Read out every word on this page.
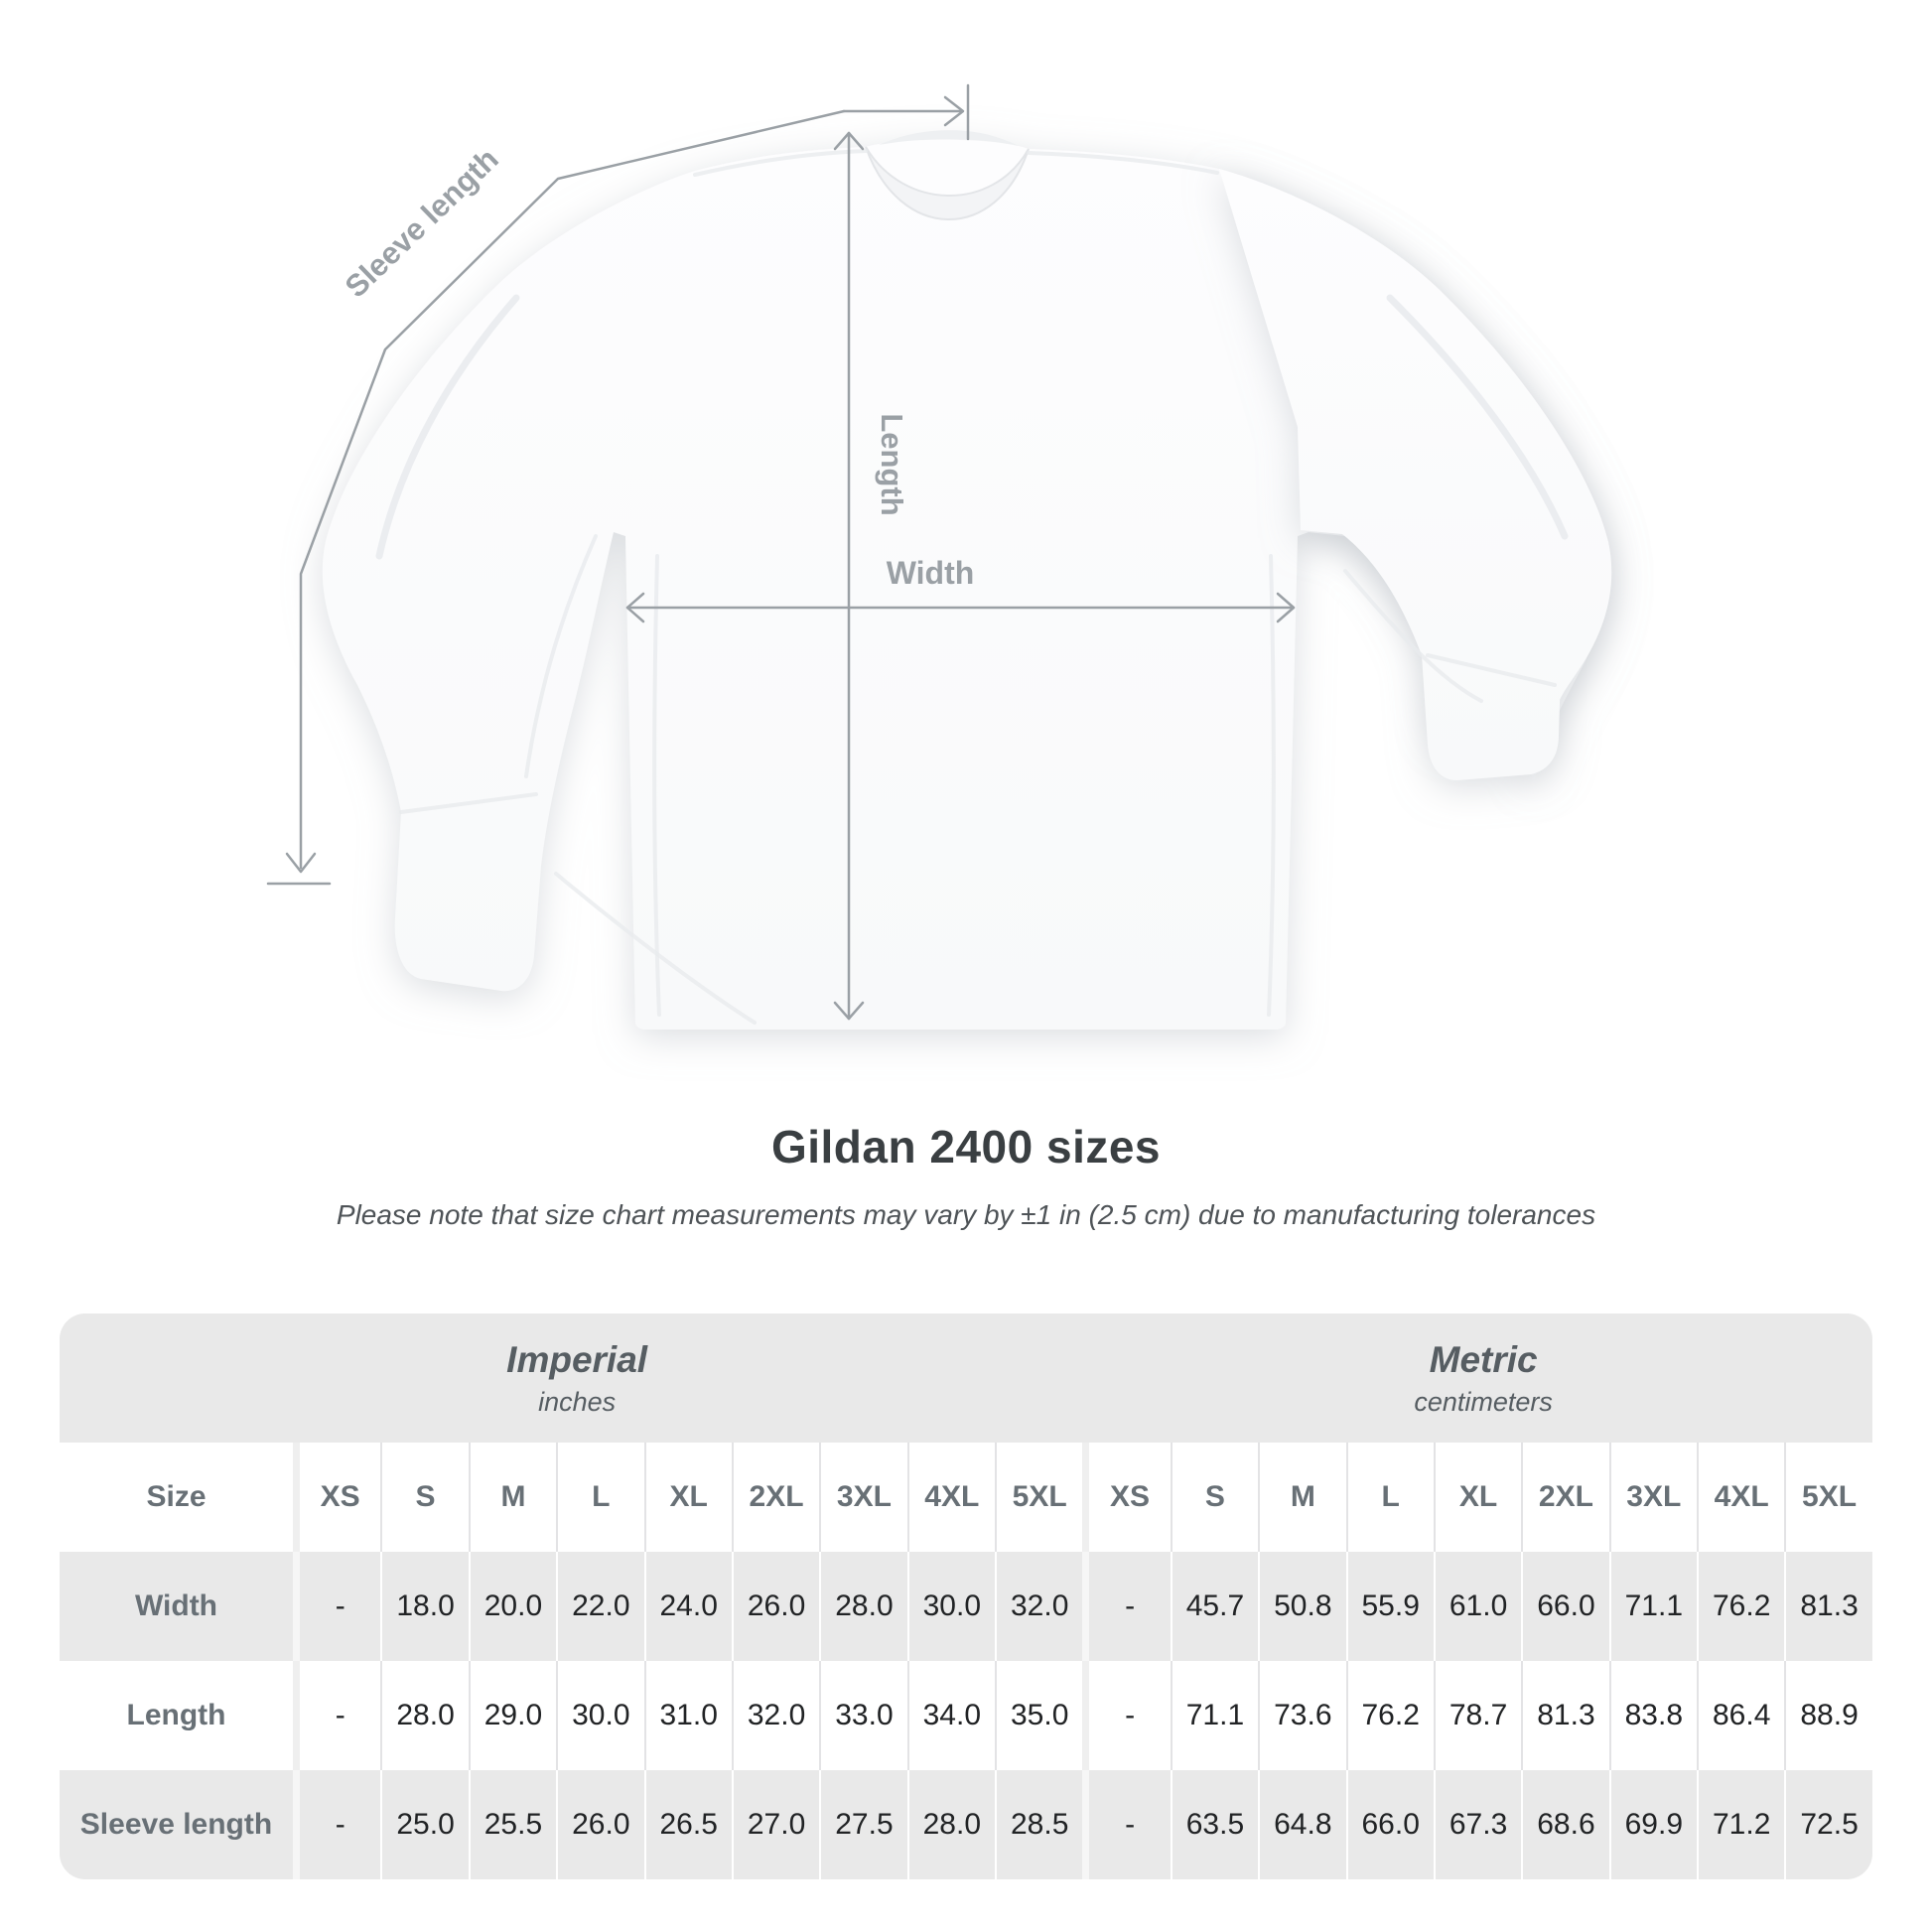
Sleeve length
Length
Width
Gildan 2400 sizes
Please note that size chart measurements may vary by ±1 in (2.5 cm) due to manufacturing tolerances
Imperial
inches
Metric
centimeters
Size	XS	S	M	L	XL	2XL	3XL	4XL	5XL	XS	S	M	L	XL	2XL	3XL	4XL	5XL
Width	-	18.0 20.0 22.0 24.0 26.0 28.0 30.0 32.0	-	45.7 50.8 55.9 61.0 66.0 71.1 76.2 81.3
Length	-	28.0 29.0 30.0 31.0 32.0 33.0 34.0 35.0	-	71.1 73.6 76.2 78.7 81.3 83.8 86.4 88.9
Sleeve length	-	25.0 25.5 26.0 26.5 27.0 27.5 28.0 28.5	-	63.5 64.8 66.0 67.3 68.6 69.9 71.2 72.5
